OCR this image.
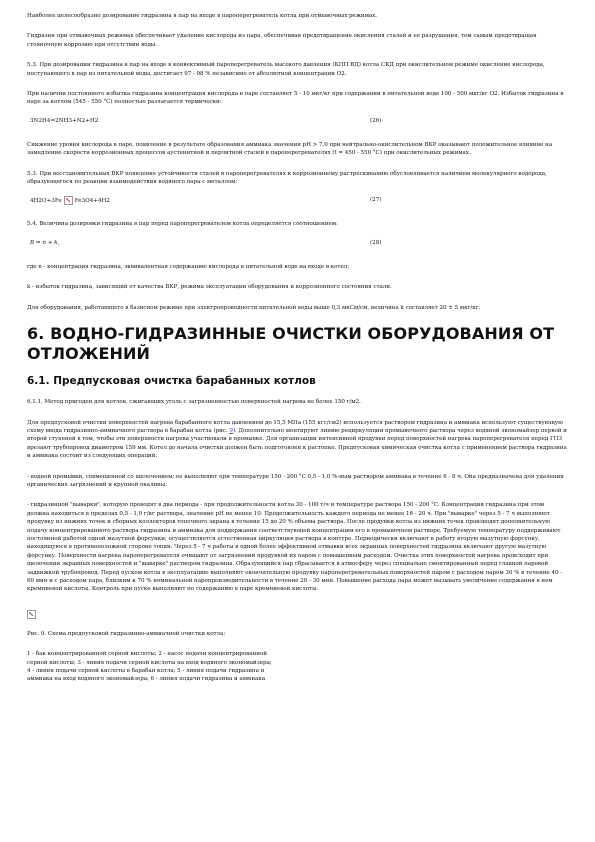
Наиболее целесообразно дозирование гидразина в пар на входе в пароперегреватель котла при отмывочных режимах.

Гидразин при отмывочных режимах обеспечивает удаление кислорода из пара, обеспечивая предотвращение окисления сталей и ее разрушения, тем самым предотвращая стояночную коррозию при отсутствии воды.

5.3. При дозировании гидразина в пар на входе в конвективный пароперегреватель высокого давления (КПП ВД) котла СКД при окислительном режиме окисление кислорода, поступающего в пар из питательной воды, достигает 97 - 98 % независимо от абсолютной концентрации O2.

При наличии постоянного избытка гидразина концентрация кислорода в паре составляет 5 - 10 мкг/кг при содержании в питательной воде 100 - 500 мкг/кг O2. Избыток гидразина в паре за котлом (545 - 550 °С) полностью разлагается термически:

3N2H4=2NH3+N2+H2	(26)

Снижение уровня кислорода в паре, появление в результате образования аммиака значения pH > 7,0 при нейтрально-окислительном ВКР оказывают положительное влияние на замедление скорости коррозионных процессов аустенитной и перлитной сталей в пароперегревателях (t = 450 - 550 °С) при окислительных режимах.

5.3. При восстановительных ВКР появление устойчивости сталей в пароперегревателях к коррозионному растрескиванию обусловливается наличием молекулярного водорода, образующегося по реакции взаимодействия водяного пара с металлом:

4H2O+3Fe Fe3O4+4H2	(27)

5.4. Величина дозировки гидразина в пар перед пароперегревателем котла определяется соотношением:

B = n + k,	(28)

где n - концентрация гидразина, эквивалентная содержанию кислорода в питательной воде на входе в котел;

k - избыток гидразина, зависящий от качества ВКР, режима эксплуатации оборудования и коррозионного состояния стали.

Для оборудования, работающего в базисном режиме при электропроводности питательной воды выше 0,3 мкСм/см, величина k составляет 20 ± 5 мкг/кг.

6. ВОДНО-ГИДРАЗИННЫЕ ОЧИСТКИ ОБОРУДОВАНИЯ ОТ ОТЛОЖЕНИЙ
6.1. Предпусковая очистка барабанных котлов

6.1.1. Метод пригоден для котлов, сжигающих уголь с загрязненностью поверхностей нагрева не более 150 г/м2.

Для предпусковой очистки поверхностей нагрева барабанного котла давлением до 15,5 МПа (155 кгс/см2) используется раствором гидразина и аммиака используют существующую схему ввода гидразинно-аммиачного раствора в барабан котла (рис. 9). Дополнительно монтируют линию рециркуляции промывочного раствора через водяной экономайзер первой и второй ступеней в том, чтобы эти поверхности нагрева участвовали в промывке. Для организации интенсивной продувки перед поверхностей нагрева пароперегревателя перед ГПЗ врезают трубопровод диаметром 159 мм. Котел до начала очистки должен быть подготовлен к растопке. Предпусковая химическая очистка котла с применением раствора гидразина и аммиака состоит из следующих операций:

- водной промывки, совмещенной со щелочением; ее выполняют при температуре 150 - 200 °С 0,5 - 1,0 %-ным раствором аммиака в течение 6 - 8 ч. Она предназначена для удаления органических загрязнений и крупной окалины;

- гидразинной "выварки", которую проводят в два периода - при продолжительности котла 30 - 100 т/ч и температуре раствора 150 - 200 °С. Концентрация гидразина при этом должна находиться в пределах 0,5 - 1,0 г/кг раствора, значение pH не менее 10. Продолжительность каждого периода не менее 16 - 20 ч. При "выварке" через 5 - 7 ч выполняют продувку из нижних точек и сборных коллекторов топочного экрана в течение 15 до 20 % объема раствора. После продувки котла из нижних точек производят дополнительную подачу концентрированного раствора гидразина и аммиака для поддержания соответствующей концентрации его в промывочном растворе. Требуемую температуру поддерживают постоянной работой одной мазутной форсунки; осуществляется естественная циркуляция раствора в контуре. Периодически включают в работу вторую мазутную форсунку, находящуюся в противоположной стороне топки. Через 5 - 7 ч работы в одной более эффективной отмывки всех экранных поверхностей гидразина включают другую мазутную форсунку. Поверхности нагрева пароперегревателя очищают от загрязнений продувкой их паром с повышенным расходом. Очистка этих поверхностей нагрева происходит при щелочении экранных поверхностей и "выварке" раствором гидразина. Образующийся пар сбрасывается в атмосферу через специально смонтированный перед главной паровой задвижкой трубопровод. Перед пуском котла в эксплуатацию выполняют окончательную продувку пароперегревательных поверхностей паром с расходом паром 30 % в течение 40 - 60 мин и с расходом пара, близким к 70 % номинальной паропроизводительности в течение 20 - 30 мин. Повышение расхода пара может вызывать увеличение содержания в нем кремниевой кислоты. Контроль при пуске выполняют по содержанию в паре кремниевой кислоты.

Рис. 9. Схема предпусковой гидразинно-аммиачной очистки котла:

1 - бак концентрированной серной кислоты; 2 - насос подачи концентрированной

серной кислоты; 3 - линия подачи серной кислоты на вход водяного экономайзера;

4 - линия подачи серной кислоты в барабан котла; 5 - линия подачи гидразина и

аммиака на вход водяного экономайзера; 6 - линия подачи гидразина и аммиака
